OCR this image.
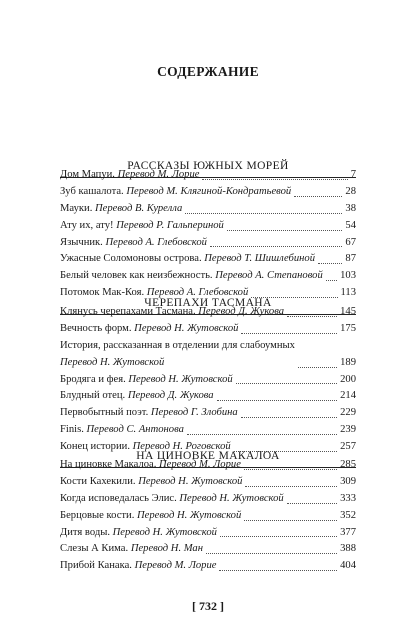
СОДЕРЖАНИЕ
РАССКАЗЫ ЮЖНЫХ МОРЕЙ
Дом Мапуи. Перевод М. Лорие	7
Зуб кашалота. Перевод М. Клягиной-Кондратьевой	28
Мауки. Перевод В. Курелла	38
Ату их, ату! Перевод Р. Гальпериной	54
Язычник. Перевод А. Глебовской	67
Ужасные Соломоновы острова. Перевод Т. Шишлебиной	87
Белый человек как неизбежность. Перевод А. Степановой 103
Потомок Мак-Коя. Перевод А. Глебовской	113
ЧЕРЕПАХИ ТАСМАНА
Клянусь черепахами Тасмана. Перевод Д. Жукова	145
Вечность форм. Перевод Н. Жутовской	175
История, рассказанная в отделении для слабоумных
Перевод Н. Жутовской	189
Бродяга и фея. Перевод Н. Жутовской	200
Блудный отец. Перевод Д. Жукова	214
Первобытный поэт. Перевод Г. Злобина	229
Finis. Перевод С. Антонова	239
Конец истории. Перевод Н. Роговской	257
НА ЦИНОВКЕ МАКАЛОА
На циновке Макалоа. Перевод М. Лорие	285
Кости Кахекили. Перевод Н. Жутовской	309
Когда исповедалась Элис. Перевод Н. Жутовской	333
Берцовые кости. Перевод Н. Жутовской	352
Дитя воды. Перевод Н. Жутовской	377
Слезы А Кима. Перевод Н. Ман	388
Прибой Канака. Перевод М. Лорие	404
[ 732 ]
